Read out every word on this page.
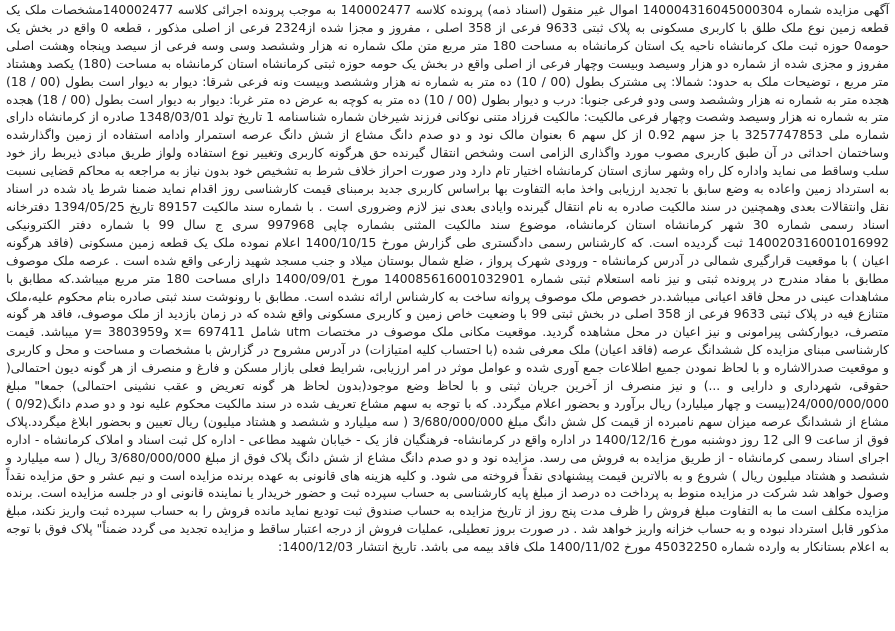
آگهی مزایده شماره 140004316045000304 اموال غیر منقول (اسناد ذمه) پرونده کلاسه 140002477 به موجب پرونده اجرائی کلاسه 140002477مشخصات ملک یک قطعه زمین نوع ملک طلق با کاربری مسکونی به پلاک ثبتی 9633 فرعی از 358 اصلی ، مفروز و مجزا شده از2324 فرعی از اصلی مذکور ، قطعه 0 واقع در بخش یک حومه0 حوزه ثبت ملک کرمانشاه ناحیه یک استان کرمانشاه به مساحت 180 متر مربع متن ملک شماره نه هزار وششصد وسی وسه فرعی از سیصد وپنجاه وهشت اصلی مفروز و مجزی شده از شماره دو هزار وسیصد وبیست وچهار فرعی از اصلی واقع در بخش یک حومه حوزه ثبتی کرمانشاه استان کرمانشاه به مساحت (180) یکصد وهشتاد متر مربع ، توضیحات ملک به حدود: شمالا: پی مشترک بطول (00 / 10) ده متر به شماره نه هزار وششصد وبیست ونه فرعی شرقا: دیوار به دیوار است بطول (00 / 18) هجده متر به شماره نه هزار وششصد وسی ودو فرعی جنوبا: درب و دیوار بطول (00 / 10) ده متر به کوچه به عرض ده متر غربا: دیوار به دیوار است بطول (00 / 18) هجده متر به شماره نه هزار وسیصد وشصت وچهار فرعی مالکیت: مالکیت فرزاد متنی نوکانی فرزند شیرخان شماره شناسنامه 1 تاریخ تولد 1348/03/01 صادره از کرمانشاه دارای شماره ملی 3257747853 با جز سهم 0.92 از کل سهم 6 بعنوان مالک نود و دو صدم دانگ مشاع از شش دانگ عرصه استمرار وادامه استفاده از زمین واگذارشده وساختمان احداثی در آن طبق کاربری مصوب مورد واگذاری الزامی است وشخص انتقال گیرنده حق هرگونه کاربری وتغییر نوع استفاده ولواز طریق مبادی ذیربط راز خود سلب وساقط می نماید واداره کل راه وشهر سازی استان کرمانشاه اختیار تام دارد ودر صورت احراز خلاف شرط به تشخیص خود بدون نیاز به مراجعه به محاکم قضایی نسبت به استرداد زمین واعاده به وضع سابق با تجدید ارزیابی واخذ مابه التفاوت بها براساس کاربری جدید برمبنای قیمت کارشناسی روز اقدام نماید ضمنا شرط یاد شده در اسناد نقل وانتقالات بعدی وهمچنین در سند مالکیت صادره به نام انتقال گیرنده وایادی بعدی نیز لازم وضروری است . با شماره سند مالکیت 89157 تاریخ 1394/05/25 دفترخانه اسناد رسمی شماره 30 شهر کرمانشاه استان کرمانشاه، موضوع سند مالکیت المثنی بشماره چاپی 997968 سری ج سال 99 با شماره دفتر الکترونیکی 140020316001016992 ثبت گردیده است. که کارشناس رسمی دادگستری طی گزارش مورخ 1400/10/15 اعلام نموده ملک یک قطعه زمین مسکونی (فاقد هرگونه اعیان ) با موقعیت قرارگیری شمالی در آدرس کرمانشاه - ورودی شهرک پرواز ، ضلع شمال بوستان میلاد و جنب مسجد شهید زارعی واقع شده است . عرصه ملک موصوف مطابق با مفاد مندرج در پرونده ثبتی و نیز نامه استعلام ثبتی شماره 140085616001032901 مورخ 1400/09/01 دارای مساحت 180 متر مربع میباشد.که مطابق با مشاهدات عینی در محل فاقد اعیانی میباشد.در خصوص ملک موصوف پروانه ساخت به کارشناس ارائه نشده است. مطابق با رونوشت سند ثبتی صادره بنام محکوم علیه،ملک متنازع فیه در پلاک ثبتی 9633 فرعی از 358 اصلی در بخش ثبتی 99 با وضعیت خاص زمین و کاربری مسکونی واقع شده که در زمان بازدید از ملک موصوف، فاقد هر گونه متصرف، دیوارکشی پیرامونی و نیز اعیان در محل مشاهده گردید. موقعیت مکانی ملک موصوف در مختصات utm شامل x= 697411 وy= 3803959 میباشد. قیمت کارشناسی مبنای مزایده کل ششدانگ عرصه (فاقد اعیان) ملک معرفی شده (با احتساب کلیه امتیازات) در آدرس مشروح در گزارش با مشخصات و مساحت و محل و کاربری و موقعیت صدرالاشاره و با لحاظ نمودن جمیع اطلاعات جمع آوری شده و عوامل موثر در امر ارزیابی، شرایط فعلی بازار مسکن و فارغ و منصرف از هر گونه دیون احتمالی( حقوقی، شهرداری و دارایی و ...) و نیز منصرف از آخرین جریان ثبتی و با لحاظ وضع موجود(بدون لحاظ هر گونه تعریض و عقب نشینی احتمالی) جمعا" مبلغ 24/000/000/000(بیست و چهار میلیارد) ریال برآورد و بحضور اعلام میگردد. که با توجه به سهم مشاع تعریف شده در سند مالکیت محکوم علیه نود و دو صدم دانگ(0/92 ) مشاع از ششدانگ عرصه میزان سهم نامبرده از قیمت کل شش دانگ مبلغ 3/680/000/000 ( سه میلیارد و ششصد و هشتاد میلیون) ریال تعیین و بحضور ابلاغ میگردد.پلاک فوق از ساعت 9 الی 12 روز دوشنبه مورخ 1400/12/16 در اداره واقع در کرمانشاه- فرهنگیان فاز یک - خیابان شهید مطاعی - اداره کل ثبت اسناد و املاک کرمانشاه - اداره اجرای اسناد رسمی کرمانشاه - از طریق مزایده به فروش می رسد. مزایده نود و دو صدم دانگ مشاع از شش دانگ پلاک فوق از مبلغ 3/680/000/000 ریال ( سه میلیارد و ششصد و هشتاد میلیون ریال ) شروع و به بالاترین قیمت پیشنهادی نقداً فروخته می شود. و کلیه هزینه های قانونی به عهده برنده مزایده است و نیم عشر و حق مزایده نقداً وصول خواهد شد شرکت در مزایده منوط به پرداخت ده درصد از مبلغ پایه کارشناسی به حساب سپرده ثبت و حضور خریدار یا نماینده قانونی او در جلسه مزایده است. برنده مزایده مکلف است ما به التفاوت مبلغ فروش را ظرف مدت پنج روز از تاریخ مزایده به حساب صندوق ثبت تودیع نماید مانده فروش را به حساب سپرده ثبت واریز نکند، مبلغ مذکور قابل استرداد نبوده و به حساب خزانه واریز خواهد شد . در صورت بروز تعطیلی، عملیات فروش از درجه اعتبار ساقط و مزایده تجدید می گردد ضمناً" پلاک فوق با توجه به اعلام بستانکار به وارده شماره 45032250 مورخ 1400/11/02 ملک فاقد بیمه می باشد. تاریخ انتشار 1400/12/03:
